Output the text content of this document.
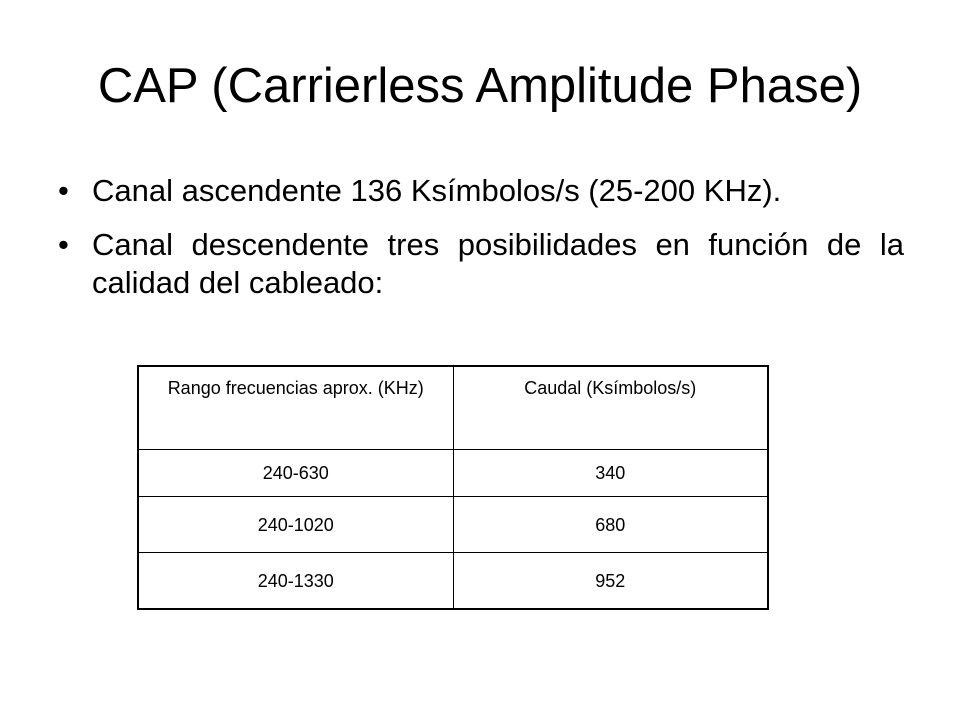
CAP (Carrierless Amplitude Phase)
• Canal ascendente 136 Ksímbolos/s (25-200 KHz).
• Canal descendente tres posibilidades en función de la calidad del cableado:
Rango frecuencias aprox. (KHz)	Caudal (Ksímbolos/s)
240-630	340
240-1020	680
240-1330	952
